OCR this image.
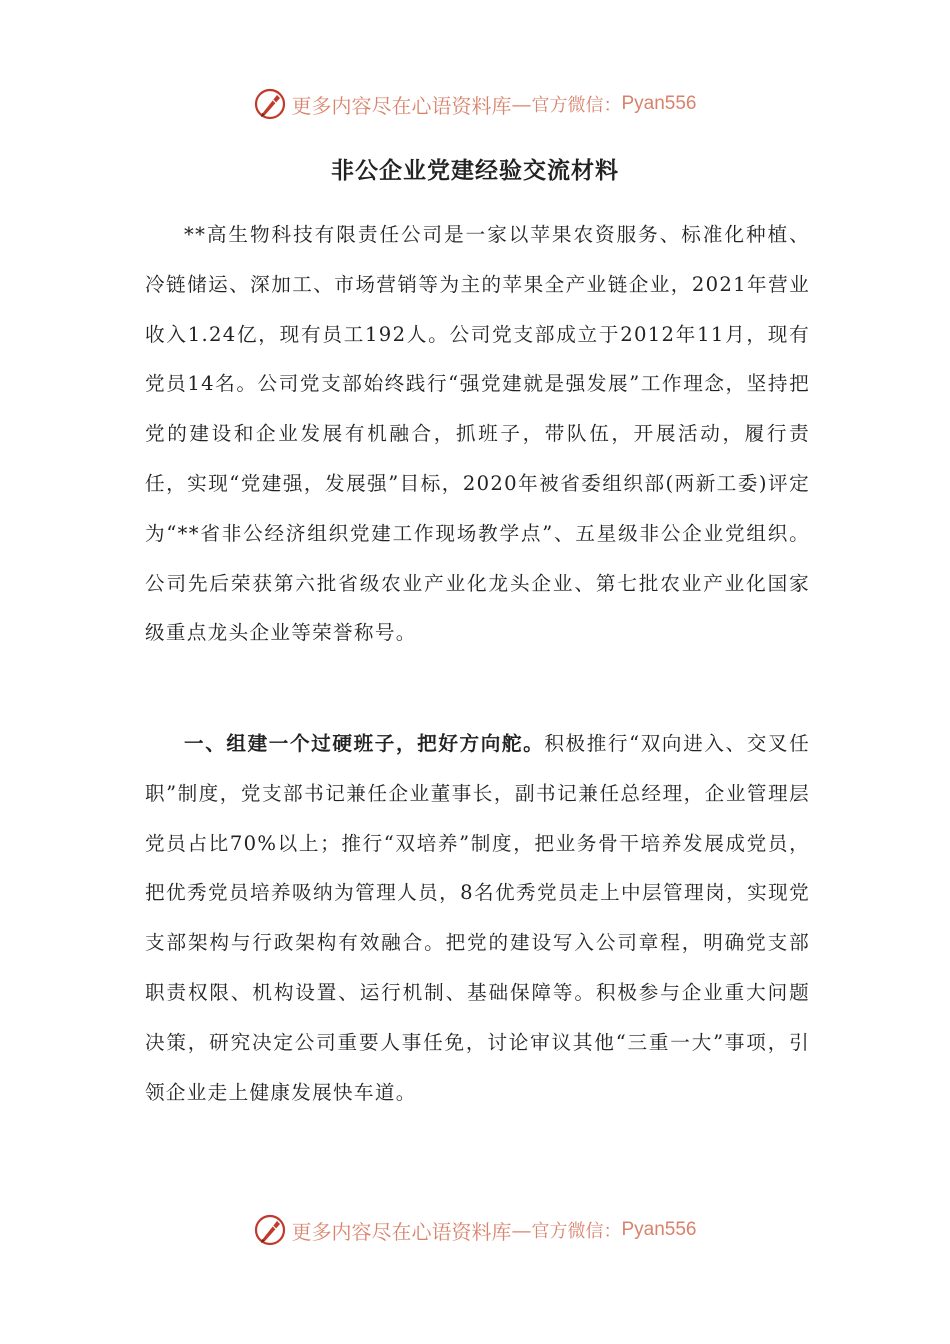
更多内容尽在心语资料库 — 官方微信： Pyan556
非公企业党建经验交流材料

**高生物科技有限责任公司是一家以苹果农资服务、标准化种植、冷链储运、深加工、市场营销等为主的苹果全产业链企业，2021年营业收入1.24亿，现有员工192人。公司党支部成立于2012年11月，现有党员14名。公司党支部始终践行“强党建就是强发展”工作理念，坚持把党的建设和企业发展有机融合，抓班子，带队伍，开展活动，履行责任，实现“党建强，发展强”目标，2020年被省委组织部(两新工委)评定为“**省非公经济组织党建工作现场教学点”、五星级非公企业党组织。公司先后荣获第六批省级农业产业化龙头企业、第七批农业产业化国家级重点龙头企业等荣誉称号。

一、组建一个过硬班子，把好方向舵。积极推行“双向进入、交叉任职”制度，党支部书记兼任企业董事长，副书记兼任总经理，企业管理层党员占比70%以上；推行“双培养”制度，把业务骨干培养发展成党员，把优秀党员培养吸纳为管理人员，8名优秀党员走上中层管理岗，实现党支部架构与行政架构有效融合。把党的建设写入公司章程，明确党支部职责权限、机构设置、运行机制、基础保障等。积极参与企业重大问题决策，研究决定公司重要人事任免，讨论审议其他“三重一大”事项，引领企业走上健康发展快车道。

更多内容尽在心语资料库 — 官方微信： Pyan556
